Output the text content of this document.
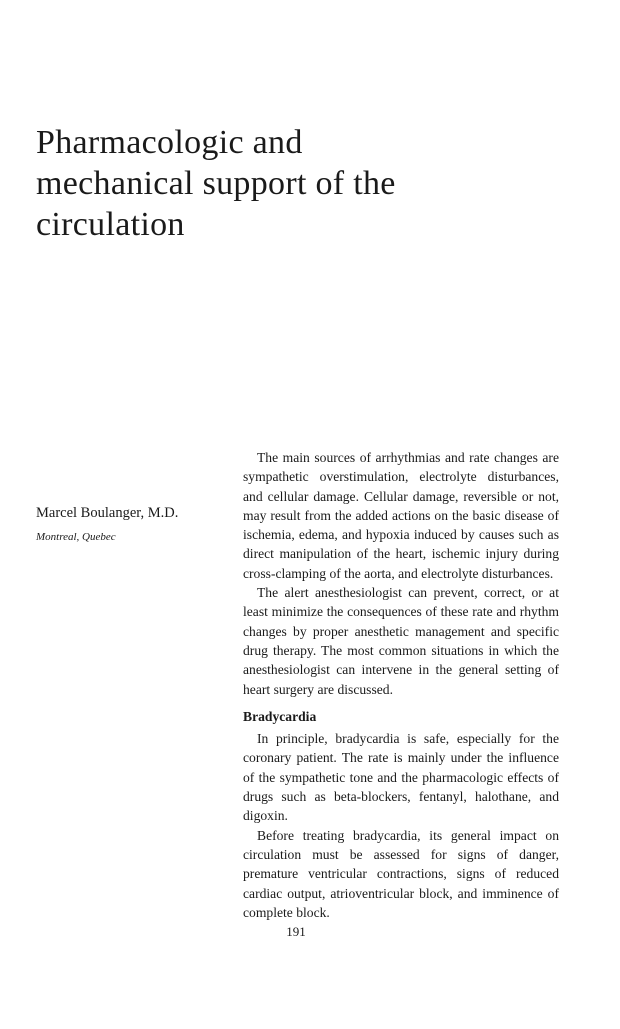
Pharmacologic and
mechanical support of the
circulation
Marcel Boulanger, M.D.
Montreal, Quebec

The main sources of arrhythmias and rate changes are sympathetic overstimulation, electrolyte disturbances, and cellular damage. Cellular damage, reversible or not, may result from the added actions on the basic disease of ischemia, edema, and hypoxia induced by causes such as direct manipulation of the heart, ischemic injury during cross-clamping of the aorta, and electrolyte disturbances.

The alert anesthesiologist can prevent, correct, or at least minimize the consequences of these rate and rhythm changes by proper anesthetic management and specific drug therapy. The most common situations in which the anesthesiologist can intervene in the general setting of heart surgery are discussed.

Bradycardia

In principle, bradycardia is safe, especially for the coronary patient. The rate is mainly under the influence of the sympathetic tone and the pharmacologic effects of drugs such as beta-blockers, fentanyl, halothane, and digoxin.

Before treating bradycardia, its general impact on circulation must be assessed for signs of danger, premature ventricular contractions, signs of reduced cardiac output, atrioventricular block, and imminence of complete block.

191
